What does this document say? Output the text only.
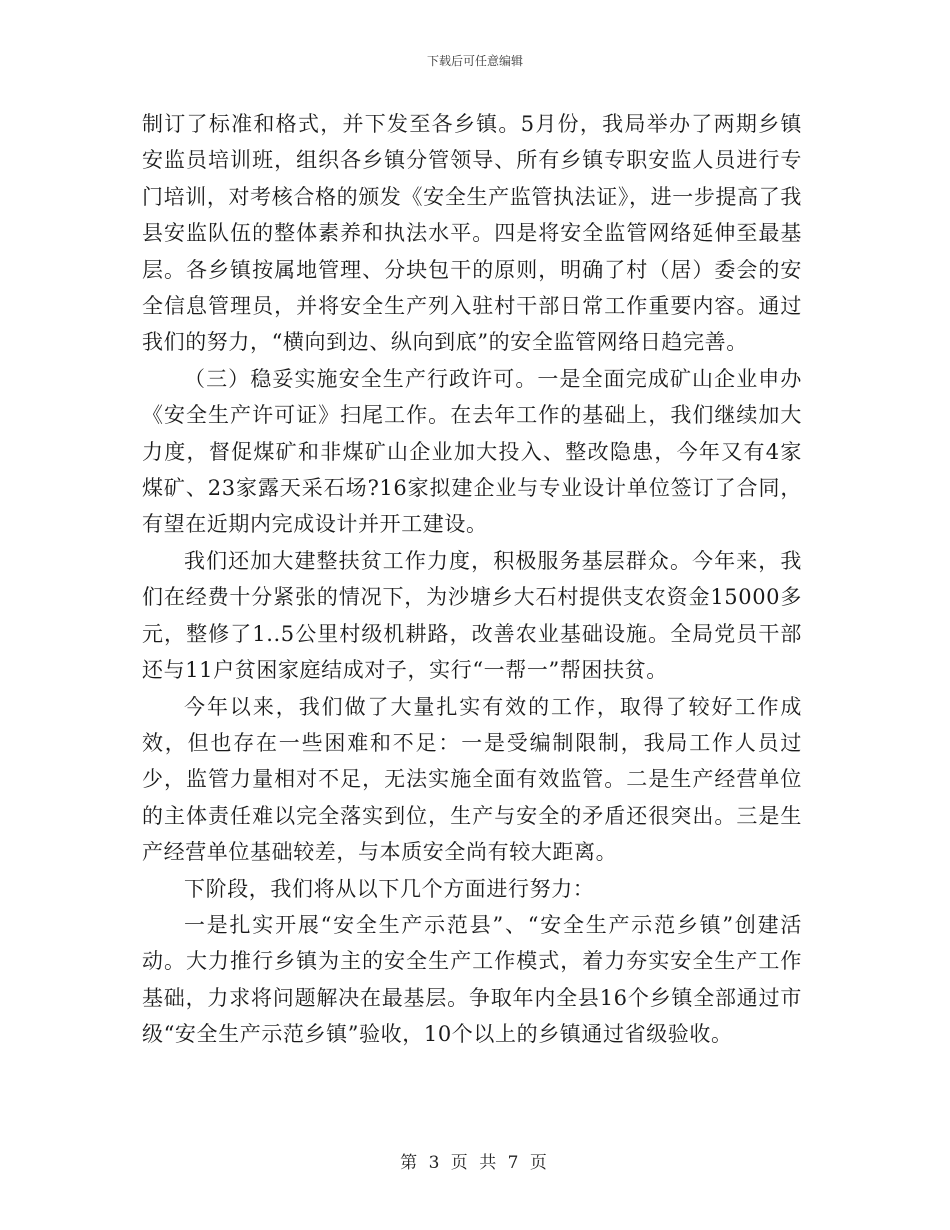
下载后可任意编辑

制订了标准和格式，并下发至各乡镇。5月份，我局举办了两期乡镇安监员培训班，组织各乡镇分管领导、所有乡镇专职安监人员进行专门培训，对考核合格的颁发《安全生产监管执法证》，进一步提高了我县安监队伍的整体素养和执法水平。四是将安全监管网络延伸至最基层。各乡镇按属地管理、分块包干的原则，明确了村（居）委会的安全信息管理员，并将安全生产列入驻村干部日常工作重要内容。通过我们的努力，“横向到边、纵向到底”的安全监管网络日趋完善。

（三）稳妥实施安全生产行政许可。一是全面完成矿山企业申办《安全生产许可证》扫尾工作。在去年工作的基础上，我们继续加大力度，督促煤矿和非煤矿山企业加大投入、整改隐患，今年又有4家煤矿、23家露天采石场?16家拟建企业与专业设计单位签订了合同，有望在近期内完成设计并开工建设。

我们还加大建整扶贫工作力度，积极服务基层群众。今年来，我们在经费十分紧张的情况下，为沙塘乡大石村提供支农资金15000多元，整修了1..5公里村级机耕路，改善农业基础设施。全局党员干部还与11户贫困家庭结成对子，实行“一帮一”帮困扶贫。

今年以来，我们做了大量扎实有效的工作，取得了较好工作成效，但也存在一些困难和不足：一是受编制限制，我局工作人员过少，监管力量相对不足，无法实施全面有效监管。二是生产经营单位的主体责任难以完全落实到位，生产与安全的矛盾还很突出。三是生产经营单位基础较差，与本质安全尚有较大距离。

下阶段，我们将从以下几个方面进行努力：

一是扎实开展“安全生产示范县”、“安全生产示范乡镇”创建活动。大力推行乡镇为主的安全生产工作模式，着力夯实安全生产工作基础，力求将问题解决在最基层。争取年内全县16个乡镇全部通过市级“安全生产示范乡镇”验收，10个以上的乡镇通过省级验收。

第 3 页 共 7 页
